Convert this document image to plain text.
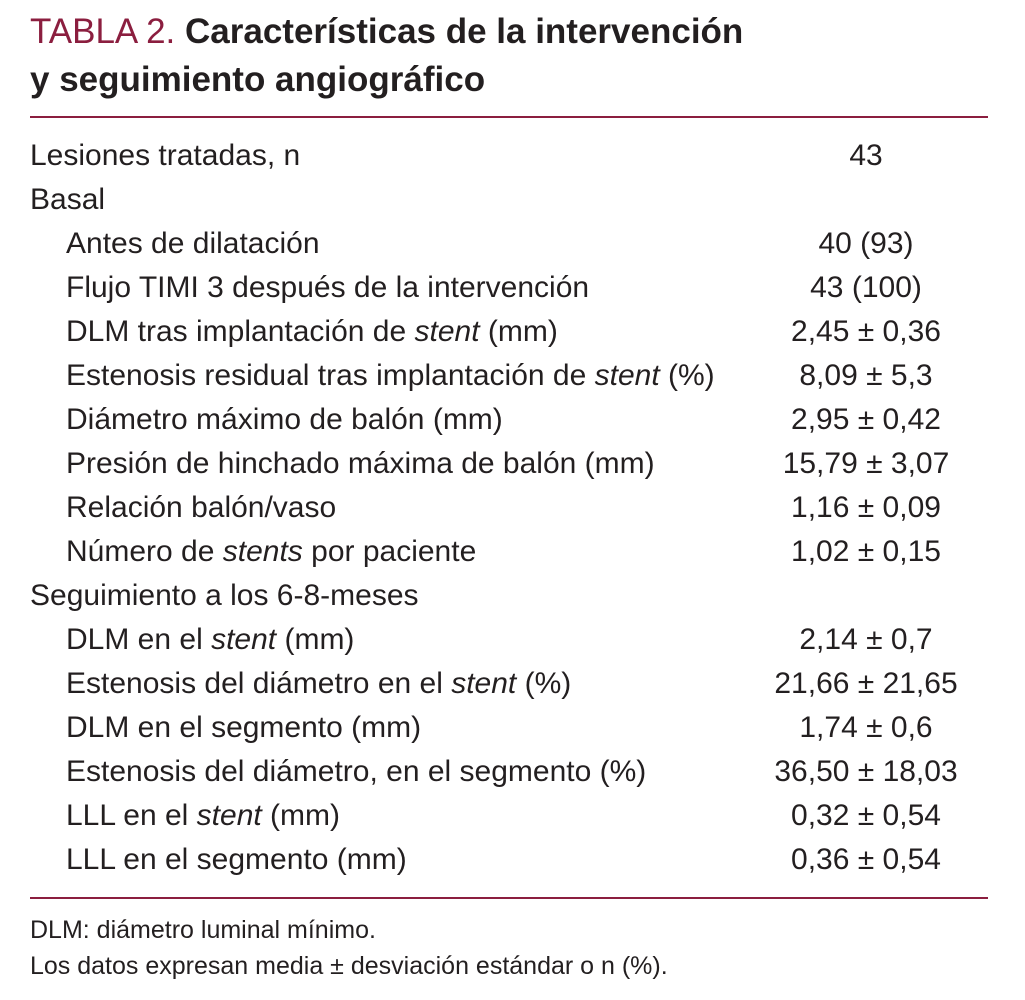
TABLA 2. Características de la intervención
y seguimiento angiográfico
Lesiones tratadas, n	43
Basal
Antes de dilatación	40 (93)
Flujo TIMI 3 después de la intervención	43 (100)
DLM tras implantación de stent (mm)	2,45 ± 0,36
Estenosis residual tras implantación de stent (%)	8,09 ± 5,3
Diámetro máximo de balón (mm)	2,95 ± 0,42
Presión de hinchado máxima de balón (mm)	15,79 ± 3,07
Relación balón/vaso	1,16 ± 0,09
Número de stents por paciente	1,02 ± 0,15
Seguimiento a los 6-8-meses
DLM en el stent (mm)	2,14 ± 0,7
Estenosis del diámetro en el stent (%)	21,66 ± 21,65
DLM en el segmento (mm)	1,74 ± 0,6
Estenosis del diámetro, en el segmento (%)	36,50 ± 18,03
LLL en el stent (mm)	0,32 ± 0,54
LLL en el segmento (mm)	0,36 ± 0,54
DLM: diámetro luminal mínimo.
Los datos expresan media ± desviación estándar o n (%).
